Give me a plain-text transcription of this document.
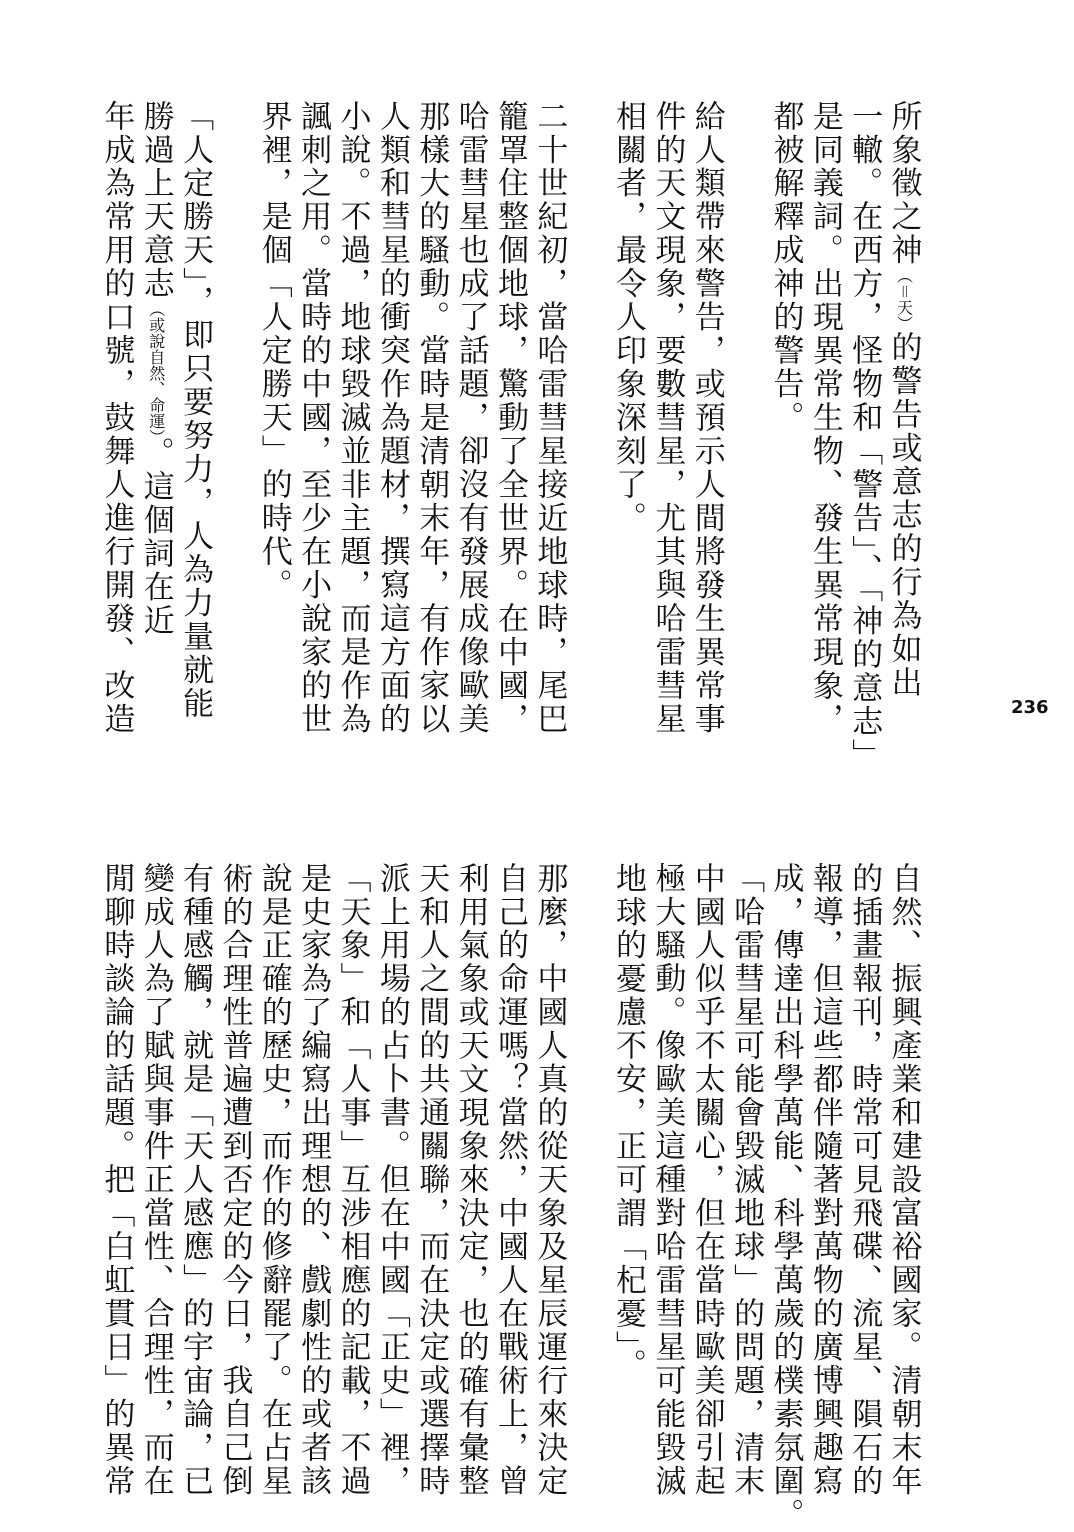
所象徵之神（＝天）的警告或意志的行為如出
一轍。在西方，怪物和「警告」、「神的意志」
是同義詞。出現異常生物、發生異常現象，
都被解釋成神的警告。
給人類帶來警告，或預示人間將發生異常事
件的天文現象，要數彗星，尤其與哈雷彗星
相關者，最令人印象深刻了。
二十世紀初，當哈雷彗星接近地球時，尾巴
籠罩住整個地球，驚動了全世界。在中國，
哈雷彗星也成了話題，卻沒有發展成像歐美
那樣大的騷動。當時是清朝末年，有作家以
人類和彗星的衝突作為題材，撰寫這方面的
小說。不過，地球毀滅並非主題，而是作為
諷刺之用。當時的中國，至少在小說家的世
界裡，是個「人定勝天」的時代。
「人定勝天」，即只要努力，人為力量就能
勝過上天意志（或說自然、命運）。這個詞在近
年成為常用的口號，鼓舞人進行開發、改造	236
自然、振興產業和建設富裕國家。清朝末年
的插畫報刊，時常可見飛碟、流星、隕石的
報導，但這些都伴隨著對萬物的廣博興趣寫
成，傳達出科學萬能、科學萬歲的樸素氛圍。
「哈雷彗星可能會毀滅地球」的問題，清末
中國人似乎不太關心，但在當時歐美卻引起
極大騷動。像歐美這種對哈雷彗星可能毀滅
地球的憂慮不安，正可謂「杞憂」。
那麼，中國人真的從天象及星辰運行來決定
自己的命運嗎？當然，中國人在戰術上，曾
利用氣象或天文現象來決定，也的確有彙整
天和人之間的共通關聯，而在決定或選擇時
派上用場的占卜書。但在中國「正史」裡，
「天象」和「人事」互涉相應的記載，不過
是史家為了編寫出理想的、戲劇性的或者該
說是正確的歷史，而作的修辭罷了。在占星
術的合理性普遍遭到否定的今日，我自己倒
有種感觸，就是「天人感應」的宇宙論，已
變成人為了賦與事件正當性、合理性，而在
閒聊時談論的話題。把「白虹貫日」的異常
